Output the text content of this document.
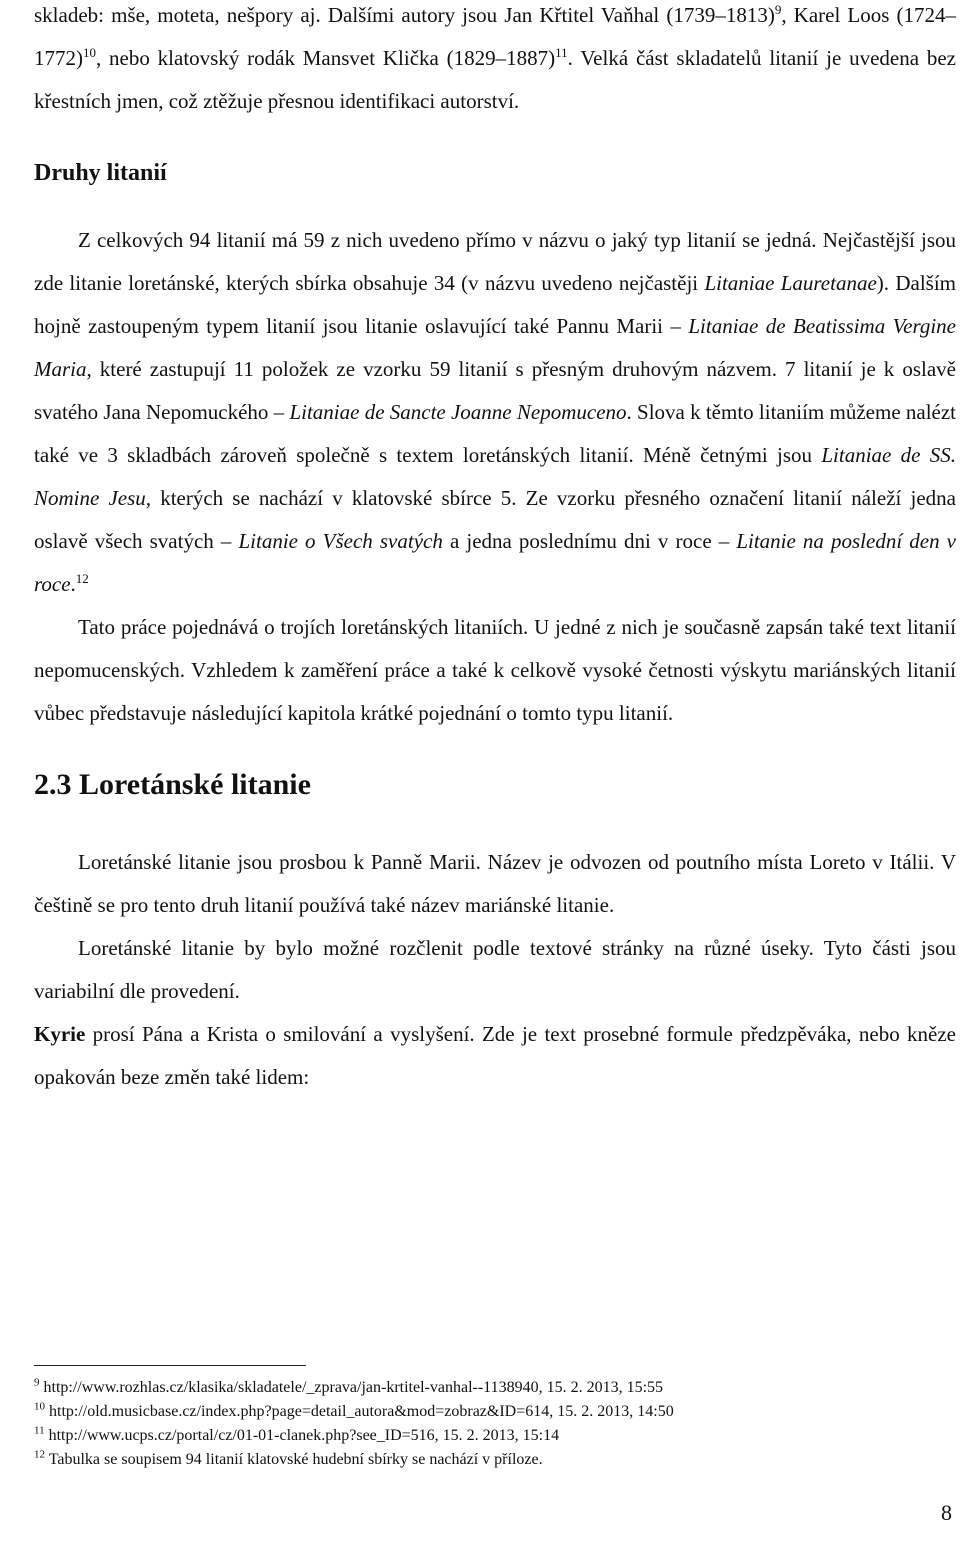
skladeb: mše, moteta, nešpory aj. Dalšími autory jsou Jan Křtitel Vaňhal (1739–1813)$^9$, Karel Loos (1724–1772)$^{10}$, nebo klatovský rodák Mansvet Klička (1829–1887)$^{11}$. Velká část skladatelů litanií je uvedena bez křestních jmen, což ztěžuje přesnou identifikaci autorství.

Druhy litanií

Z celkových 94 litanií má 59 z nich uvedeno přímo v názvu o jaký typ litanií se jedná. Nejčastější jsou zde litanie loretánské, kterých sbírka obsahuje 34 (v názvu uvedeno nejčastěji Litaniae Lauretanae). Dalším hojně zastoupeným typem litanií jsou litanie oslavující také Pannu Marii – Litaniae de Beatissima Vergine Maria, které zastupují 11 položek ze vzorku 59 litanií s přesným druhovým názvem. 7 litanií je k oslavě svatého Jana Nepomuckého – Litaniae de Sancte Joanne Nepomuceno. Slova k těmto litaniím můžeme nalézt také ve 3 skladbách zároveň společně s textem loretánských litanií. Méně četnými jsou Litaniae de SS. Nomine Jesu, kterých se nachází v klatovské sbírce 5. Ze vzorku přesného označení litanií náleží jedna oslavě všech svatých – Litanie o Všech svatých a jedna poslednímu dni v roce – Litanie na poslední den v roce.$^{12}$

Tato práce pojednává o trojích loretánských litaniích. U jedné z nich je současně zapsán také text litanií nepomucenských. Vzhledem k zaměření práce a také k celkově vysoké četnosti výskytu mariánských litanií vůbec představuje následující kapitola krátké pojednání o tomto typu litanií.

2.3 Loretánské litanie

Loretánské litanie jsou prosbou k Panně Marii. Název je odvozen od poutního místa Loreto v Itálii. V češtině se pro tento druh litanií používá také název mariánské litanie.

Loretánské litanie by bylo možné rozčlenit podle textové stránky na různé úseky. Tyto části jsou variabilní dle provedení.

Kyrie prosí Pána a Krista o smilování a vyslyšení. Zde je text prosebné formule předzpěváka, nebo kněze opakován beze změn také lidem:

$^9$ http://www.rozhlas.cz/klasika/skladatele/_zprava/jan-krtitel-vanhal--1138940, 15. 2. 2013, 15:55
$^{10}$ http://old.musicbase.cz/index.php?page=detail_autora&mod=zobraz&ID=614, 15. 2. 2013, 14:50
$^{11}$ http://www.ucps.cz/portal/cz/01-01-clanek.php?see_ID=516, 15. 2. 2013, 15:14
$^{12}$ Tabulka se soupisem 94 litanií klatovské hudební sbírky se nachází v příloze.
8
